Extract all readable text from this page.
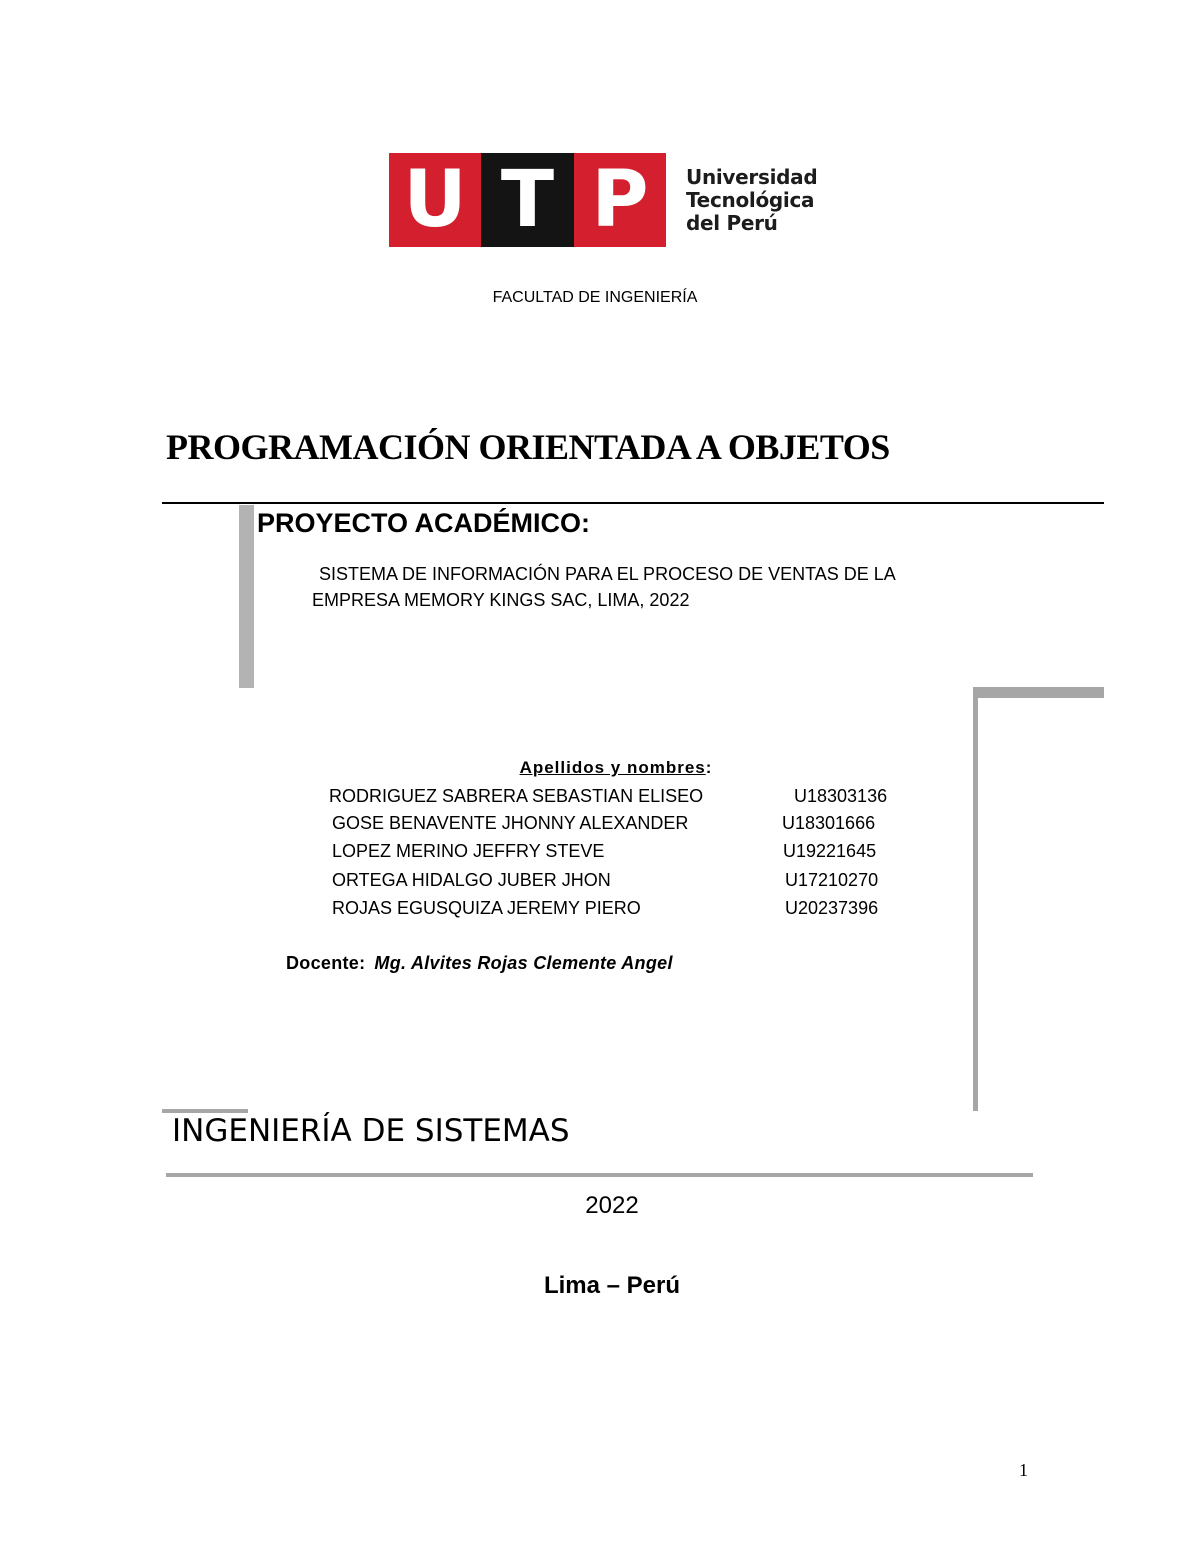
U T P	Universidad
Tecnológica
del Perú
FACULTAD DE INGENIERÍA
PROGRAMACIÓN ORIENTADA A OBJETOS
PROYECTO ACADÉMICO:
SISTEMA DE INFORMACIÓN PARA EL PROCESO DE VENTAS DE LA
EMPRESA MEMORY KINGS SAC, LIMA, 2022
Apellidos y nombres:
RODRIGUEZ SABRERA SEBASTIAN ELISEO	U18303136
GOSE BENAVENTE JHONNY ALEXANDER	U18301666
LOPEZ MERINO JEFFRY STEVE	U19221645
ORTEGA HIDALGO JUBER JHON	U17210270
ROJAS EGUSQUIZA JEREMY PIERO	U20237396
Docente: Mg. Alvites Rojas Clemente Angel
INGENIERÍA DE SISTEMAS
2022
Lima – Perú
1
